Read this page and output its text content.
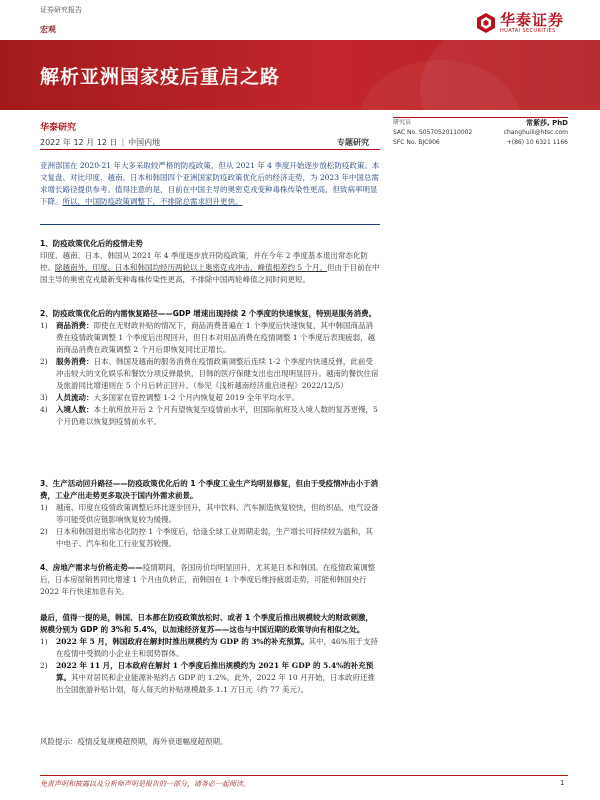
证券研究报告
宏观
华泰证券
HUATAI SECURITIES
解析亚洲国家疫后重启之路
华泰研究
2022 年 12 月 12 日 | 中国内地	专题研究
研究员	常紫莎, PhD
SAC No. S0570520110002	changhuili@htsc.com
SFC No. BJC906	+(86) 10 6321 1166

亚洲部国在 2020-21 年大多采取较严格的防疫政策，但从 2021 年 4 季度开始逐步放松防疫政策。本文复盘、对比印度、越南、日本和韩国四个亚洲国家防疫政策优化后的经济走势，为 2023 年中国总需求增长路径提供参考。值得注意的是，目前在中国主导的奥密克戎变种毒株传染性更高，但致病率明显下降。所以，中国防疫政策调整下，不排除总需求回升更快。

1、防疫政策优化后的疫情走势

印度、越南、日本、韩国从 2021 年 4 季度逐步放开防疫政策，并在今年 2 季度基本退出常态化防控。除越南外，印度、日本和韩国均经历两轮以上奥密克戎冲击，峰值相差约 5 个月。但由于目前在中国主导的奥密克戎最新变种毒株传染性更高，不排除中国两轮峰值之间时间更短。

2、防疫政策优化后的内需恢复路径——GDP 增速出现持续 2 个季度的快速恢复，特别是服务消费。

1)	商品消费：即使在无财政补贴的情况下，商品消费普遍在 1 个季度后快速恢复，其中韩国商品消费在疫情政策调整 1 个季度后出现回升，但日本对用品消费在疫情调整 1 个季度后表现疲弱，越南商品消费在政策调整 2 个月后即恢复同比正增长。
2)	服务消费：日本、韩国及越南的服务消费在疫情政策调整后连续 1-2 个季度内快速反弹，此前受冲击较大的文化娱乐和餐饮分项反弹最快，目韩的医疗保健支出也出现明显回升。越南的餐饮住宿及旅游同比增速则在 5 个月后转正回升。（参见《浅析越南经济重启进程》2022/12/5）
3)	人员流动：大多国家在管控调整 1-2 个月内恢复超 2019 全年平均水平。
4)	入境人数：本土航班放开后 2 个月有望恢复至疫情前水平，但国际航班及入境人数的复苏更慢，5 个月仍难以恢复到疫情前水平。

3、生产活动回升路径——防疫政策优化后的 1 个季度工业生产均明显修复，但由于受疫情冲击小于消费，工业产出走势更多取决于国内外需求前景。

1)	越南、印度在疫情政策调整后环比逐步回升，其中饮料、汽车制造恢复较快，但纺织品、电气设备等可能受供应链影响恢复较为缓慢。
2)	日本和韩国退出常态化防控 1 个季度后，恰逢全球工业周期走弱，生产增长可持续较为温和，其中电子、汽车和化工行业复苏较慢。

4、房地产需求与价格走势——疫情期间，各国房价均明显回升，尤其是日本和韩国。在疫情政策调整后，日本房屋销售同比增速 1 个月由负转正，而韩国在 1 个季度后维持疲弱走势，可能和韩国央行 2022 年行快速加息有关。

最后，值得一提的是，韩国、日本都在防疫政策放松时、或者 1 个季度后推出规模较大的财政刺激，规模分别为 GDP 的 3%和 5.4%，以加速经济复苏——这也与中国近期的政策导向有相似之处。

1)	2022 年 5 月，韩国政府在解封时推出规模约为 GDP 的 3%的补充预算。其中，46%用于支持在疫情中受损的小企业主和弱势群体。
2)	2022 年 11 月，日本政府在解封 1 个季度后推出规模约为 2021 年 GDP 的 5.4%的补充预算。其中对居民和企业能源补贴约占 GDP 的 1.2%。此外，2022 年 10 月开始，日本政府还推出全国旅游补贴计划，每人每天的补贴规模最多 1.1 万日元（约 77 美元）。

风险提示：疫情反复规模超预期，海外衰退幅度超预期。

免责声明和披露以及分析师声明是报告的一部分，请务必一起阅读。	1
